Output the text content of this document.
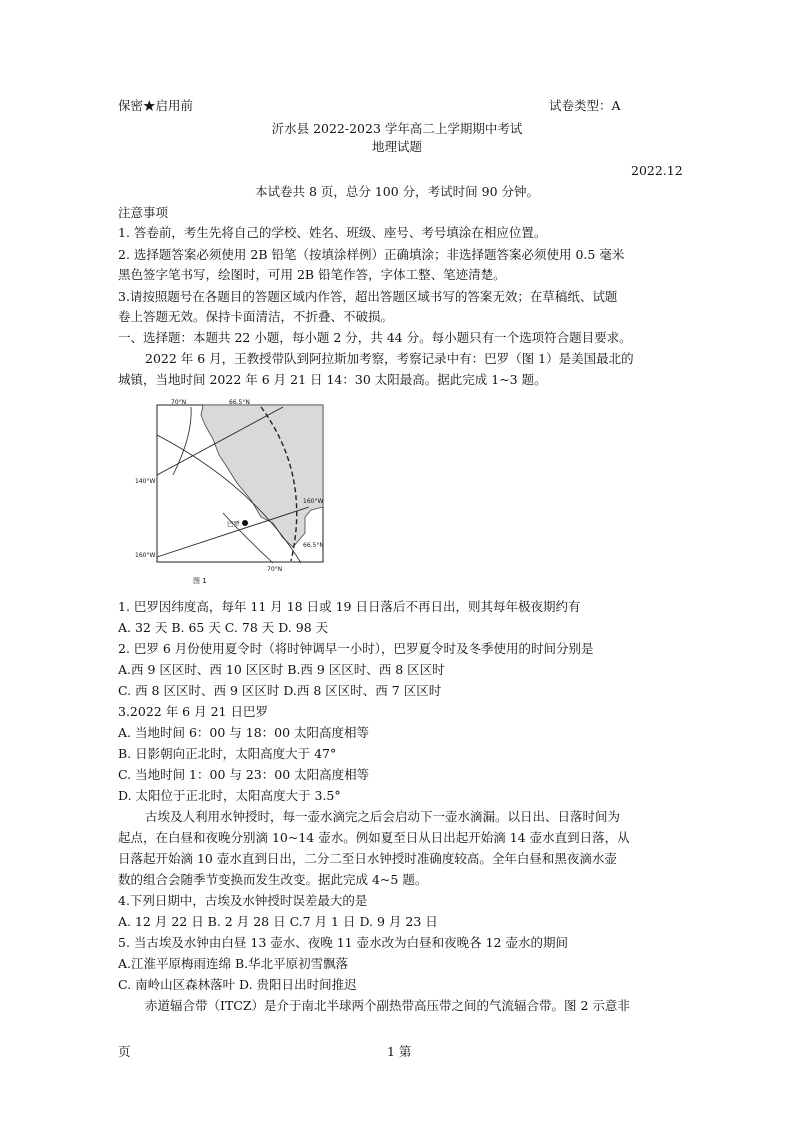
保密★启用前	试卷类型：A
沂水县 2022-2023 学年高二上学期期中考试
地理试题
2022.12
本试卷共 8 页，总分 100 分，考试时间 90 分钟。
注意事项
1. 答卷前，考生先将自己的学校、姓名、班级、座号、考号填涂在相应位置。
2. 选择题答案必须使用 2B 铅笔（按填涂样例）正确填涂；非选择题答案必须使用 0.5 毫米
黑色签字笔书写，绘图时，可用 2B 铅笔作答，字体工整、笔迹清楚。
3.请按照题号在各题目的答题区域内作答，超出答题区域书写的答案无效；在草稿纸、试题
卷上答题无效。保持卡面清洁，不折叠、不破损。
一、选择题：本题共 22 小题，每小题 2 分，共 44 分。每小题只有一个选项符合题目要求。
2022 年 6 月，王教授带队到阿拉斯加考察，考察记录中有：巴罗（图 1）是美国最北的
城镇，当地时间 2022 年 6 月 21 日 14：30 太阳最高。据此完成 1~3 题。
70°N	66.5°N
140°W
160°W
160°W
66.5°N
70°N
巴罗
图 1
1. 巴罗因纬度高，每年 11 月 18 日或 19 日日落后不再日出，则其每年极夜期约有
A. 32 天 B. 65 天 C. 78 天 D. 98 天
2. 巴罗 6 月份使用夏令时（将时钟调早一小时），巴罗夏令时及冬季使用的时间分别是
A.西 9 区区时、西 10 区区时 B.西 9 区区时、西 8 区区时
C. 西 8 区区时、西 9 区区时 D.西 8 区区时、西 7 区区时
3.2022 年 6 月 21 日巴罗
A. 当地时间 6：00 与 18：00 太阳高度相等
B. 日影朝向正北时，太阳高度大于 47°
C. 当地时间 1：00 与 23：00 太阳高度相等
D. 太阳位于正北时，太阳高度大于 3.5°
古埃及人利用水钟授时，每一壶水滴完之后会启动下一壶水滴漏。以日出、日落时间为
起点，在白昼和夜晚分别滴 10~14 壶水。例如夏至日从日出起开始滴 14 壶水直到日落，从
日落起开始滴 10 壶水直到日出，二分二至日水钟授时准确度较高。全年白昼和黑夜滴水壶
数的组合会随季节变换而发生改变。据此完成 4~5 题。
4.下列日期中，古埃及水钟授时误差最大的是
A. 12 月 22 日 B. 2 月 28 日 C.7 月 1 日 D. 9 月 23 日
5. 当古埃及水钟由白昼 13 壶水、夜晚 11 壶水改为白昼和夜晚各 12 壶水的期间
A.江淮平原梅雨连绵 B.华北平原初雪飘落
C. 南岭山区森林落叶 D. 贵阳日出时间推迟
赤道辐合带（ITCZ）是介于南北半球两个副热带高压带之间的气流辐合带。图 2 示意非
页	1 第
